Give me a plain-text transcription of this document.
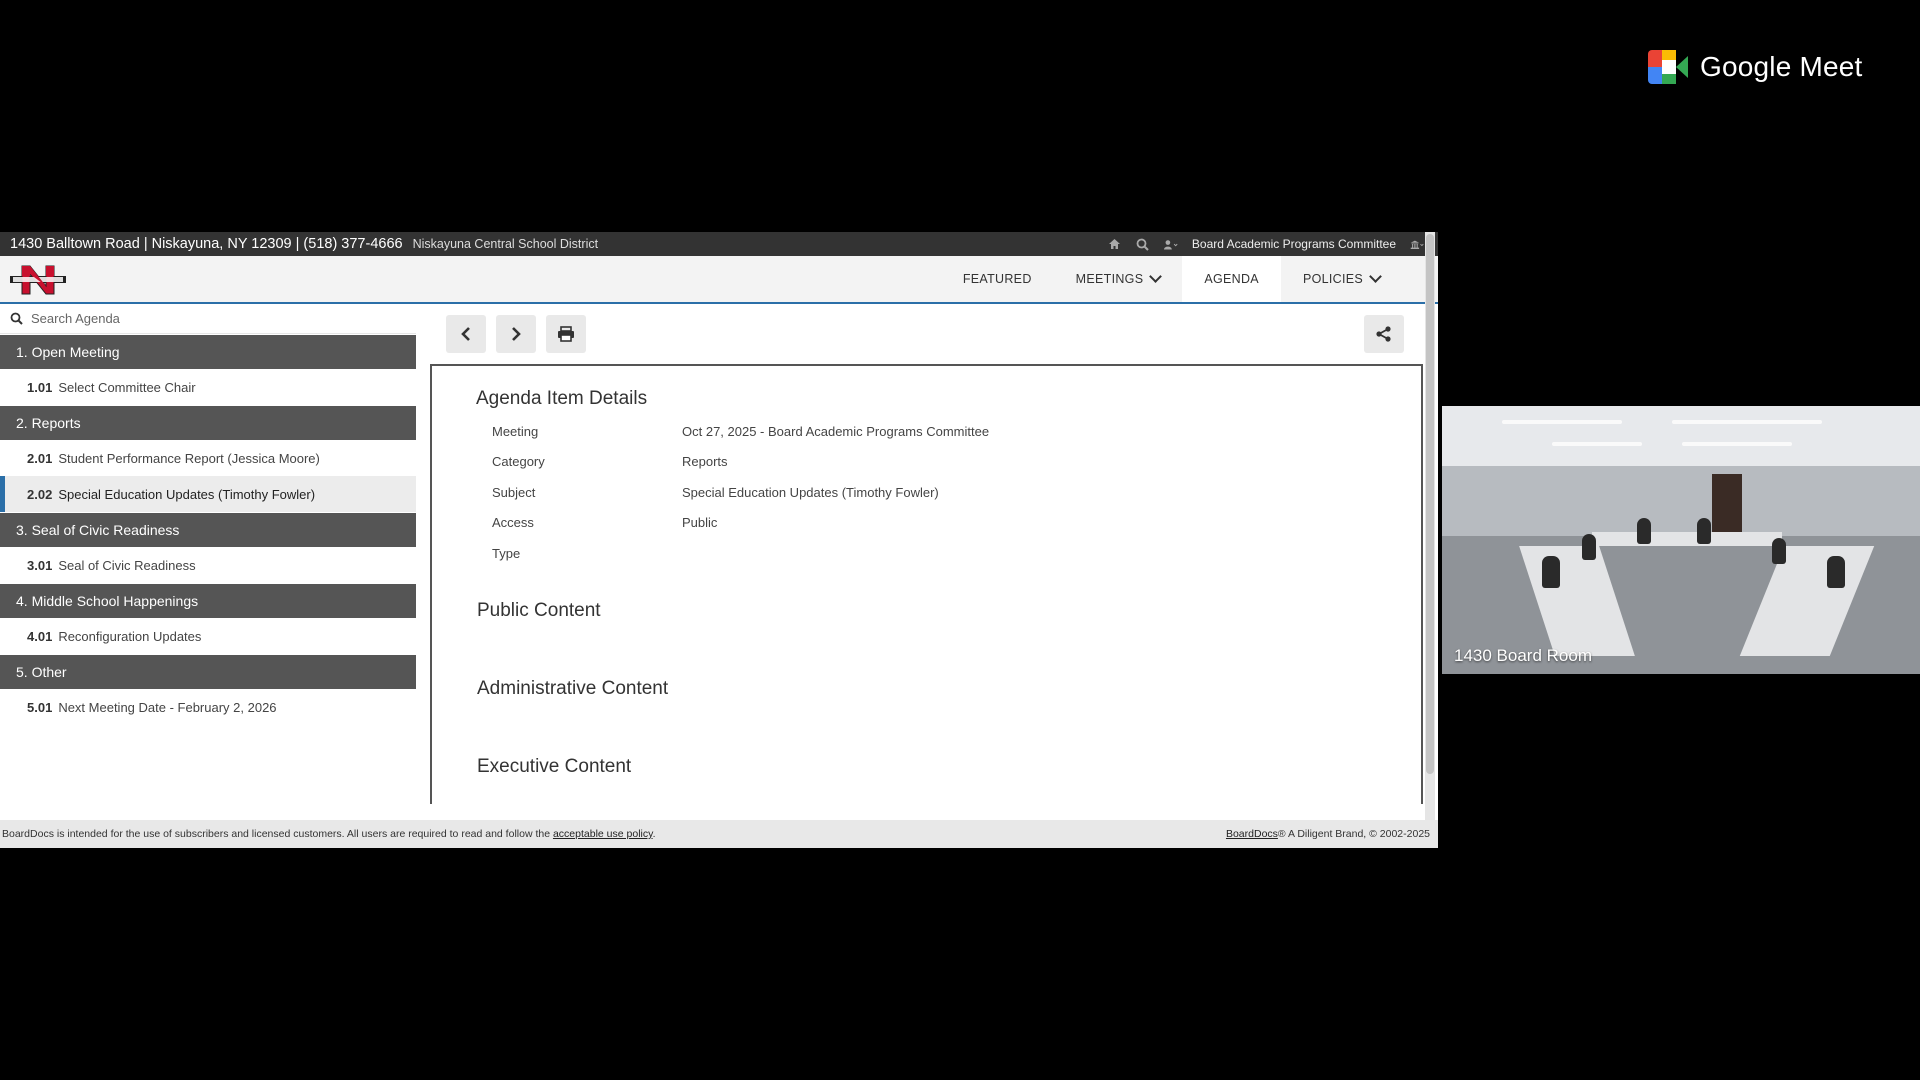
Google Meet
1430 Balltown Road | Niskayuna, NY 12309 | (518) 377-4666 Niskayuna Central School District	Board Academic Programs Committee
FEATURED	MEETINGS	AGENDA	POLICIES
Search Agenda
1. Open Meeting
1.01 Select Committee Chair
2. Reports
2.01 Student Performance Report (Jessica Moore)
2.02 Special Education Updates (Timothy Fowler)
3. Seal of Civic Readiness
3.01 Seal of Civic Readiness
4. Middle School Happenings
4.01 Reconfiguration Updates
5. Other
5.01 Next Meeting Date - February 2, 2026
Agenda Item Details
Meeting	Oct 27, 2025 - Board Academic Programs Committee
Category	Reports
Subject	Special Education Updates (Timothy Fowler)
Access	Public
Type
Public Content
Administrative Content
Executive Content
BoardDocs is intended for the use of subscribers and licensed customers. All users are required to read and follow the acceptable use policy.	BoardDocs® A Diligent Brand, © 2002-2025
1430 Board Room
